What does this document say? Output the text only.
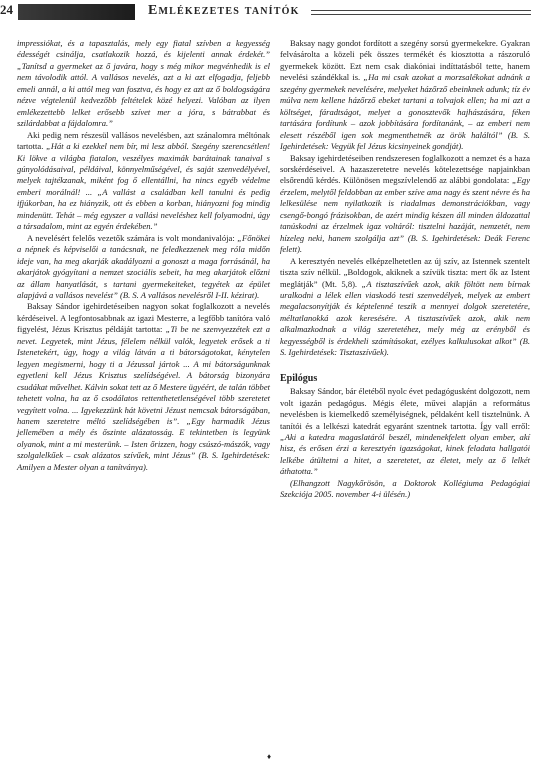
24	Emlékezetes tanítók

impressiókat, és a tapasztalás, mely egy fiatal szívben a kegyesség édességét csinálja, csatlakozik hozzá, és kijelenti annak érdekét.” „Tanítsd a gyermeket az ő javára, hogy s még mikor megvénhedik is el nem távolodik attól. A vallásos nevelés, azt a ki azt elfogadja, feljebb emeli annál, a ki attól meg van fosztva, és hogy ez azt az ő boldogságára nézve végtelenül kedvezőbb feltételek közé helyezi. Valóban az ilyen emlékezettebb lelket erősebb szívet mer a jóra, s bátrabbat és szilárdabbat a fájdalomra.”

Aki pedig nem részesül vallásos nevelésben, azt szánalomra méltónak tartotta. „Hát a ki ezekkel nem bír, mi lesz abból. Szegény szerencsétlen! Ki lökve a világba fiatalon, veszélyes maximák barátainak tanaival s gúnyolódásaival, példáival, könnyelműségével, és saját szenvedélyével, melyek tajtékzanak, miként fog ő ellentállni, ha nincs egyéb védelme emberi morálnál! ... „A vallást a családban kell tanulni és pedig ifjúkorban, ha ez hiányzik, ott és ebben a korban, hiányozni fog mindig mindenütt. Tehát – még egyszer a vallási neveléshez kell folyamodni, úgy a társadalom, mint az egyén érdekében.”

A nevelésért felelős vezetők számára is volt mondanivalója: „Főnökei a népnek és képviselői a tanácsnak, ne feledkezzenek meg róla midőn ideje van, ha meg akarják akadályozni a gonoszt a maga forrásánál, ha akarjátok gyógyítani a nemzet szociális sebeit, ha meg akarjátok előzni az állam hanyatlását, s tartani gyermekeiteket, tegyétek az épület alapjává a vallásos nevelést” (B. S. A vallásos nevelésről I-II. kézirat).

Baksay Sándor igehirdetéseiben nagyon sokat foglalkozott a nevelés kérdéseivel. A legfontosabbnak az igazi Mesterre, a legfőbb tanítóra való figyelést, Jézus Krisztus példáját tartotta: „Ti be ne szenvyezzétek ezt a nevet. Legyetek, mint Jézus, félelem nélkül valók, legyetek erősek a ti Istenetekért, úgy, hogy a világ látván a ti bátorságotokat, kénytelen legyen megismerni, hogy ti a Jézussal jártok ... A mi bátorságunknak egyetleni kell Jézus Krisztus szelídségével. A bátorság bizonyára csudákat művelhet. Kálvin sokat tett az ő Mestere ügyéért, de talán többet tehetett volna, ha az ő csodálatos rettenthetetlenségével több szeretetet vegyített volna. ... Igyekezzünk hát követni Jézust nemcsak bátorságában, hanem szeretetre méltó szelídségében is”. „Egy harmadik Jézus jellemében a mély és őszinte alázatosság. E tekintetben is legyünk olyanok, mint a mi mesterünk. – Isten őrizzen, hogy csúszó-mászók, vagy szolgalelkűek – csak alázatos szívűek, mint Jézus” (B. S. Igehirdetések: Amilyen a Mester olyan a tanítványa).

Baksay nagy gondot fordított a szegény sorsú gyermekekre. Gyakran felvásárolta a közeli pék összes termékét és kiosztotta a rászoruló gyermekek között. Ezt nem csak diakóniai indíttatásból tette, hanem nevelési szándékkal is. „Ha mi csak azokat a morzsalékokat adnánk a szegény gyermekek nevelésére, melyeket házőrző ebeinknek adunk; tíz év múlva nem kellene házőrző ebeket tartani a tolvajok ellen; ha mi azt a költséget, fáradtságot, melyet a gonosztevők hajhászására, féken tartására fordítunk – azok jobbítására fordítanánk, – az emberi nem elesett részéből igen sok megmenthetnék az örök haláltól” (B. S. Igehirdetések: Vegyük fel Jézus kicsinyeinek gondját).

Baksay igehirdetéseiben rendszeresen foglalkozott a nemzet és a haza sorskérdéseivel. A hazaszeretetre nevelés kötelezettsége napjainkban elsőrendű kérdés. Különösen megszívlelendő az alábbi gondolata: „Egy érzelem, melytől feldobban az ember szíve ama nagy és szent névre és ha lelkesülése nem nyilatkozik is riadalmas demonstrációkban, vagy csengő-bongó frázisokban, de azért mindig készen áll minden áldozattal tanúskodni az érzelmek igaz voltáról: tisztelni hazáját, nemzetét, nem hízeleg neki, hanem szolgálja azt” (B. S. Igehirdetések: Deák Ferenc felett).

A keresztyén nevelés elképzelhetetlen az új szív, az Istennek szentelt tiszta szív nélkül. „Boldogok, akiknek a szívük tiszta: mert ők az Istent meglátják” (Mt. 5,8). „A tisztaszívűek azok, akik föltött nem bírnak uralkodni a lélek ellen viaskodó testi szenvedélyek, melyek az embert megalacsonyítják és képtelenné teszik a mennyei dolgok szeretetére, méltatlanokká azok keresésére. A tisztaszívűek azok, akik nem alkalmazkodnak a világ szeretetéhez, mely még az erényből és kegyességből is érdekheli számításokat, ezélyes kalkulusokat alkot” (B. S. Igehirdetések: Tisztaszívűek).

Epilógus

Baksay Sándor, bár életéből nyolc évet pedagógusként dolgozott, nem volt igazán pedagógus. Mégis élete, művei alapján a református nevelésben is kiemelkedő személyiségnek, példaként kell tisztelnünk. A tanítói és a lelkészi katedrát egyaránt szentnek tartotta. Így vall erről: „Aki a katedra magaslatáról beszél, mindenekfelett olyan ember, akí hisz, és erősen érzi a keresztyén igazságokat, kinek feladata hallgatói lelkébe átültetni a hitet, a szeretetet, az életet, mely az ő lelkét áthatotta.”

(Elhangzott Nagykőrösön, a Doktorok Kollégiuma Pedagógiai Szekciója 2005. november 4-i ülésén.)

♦
